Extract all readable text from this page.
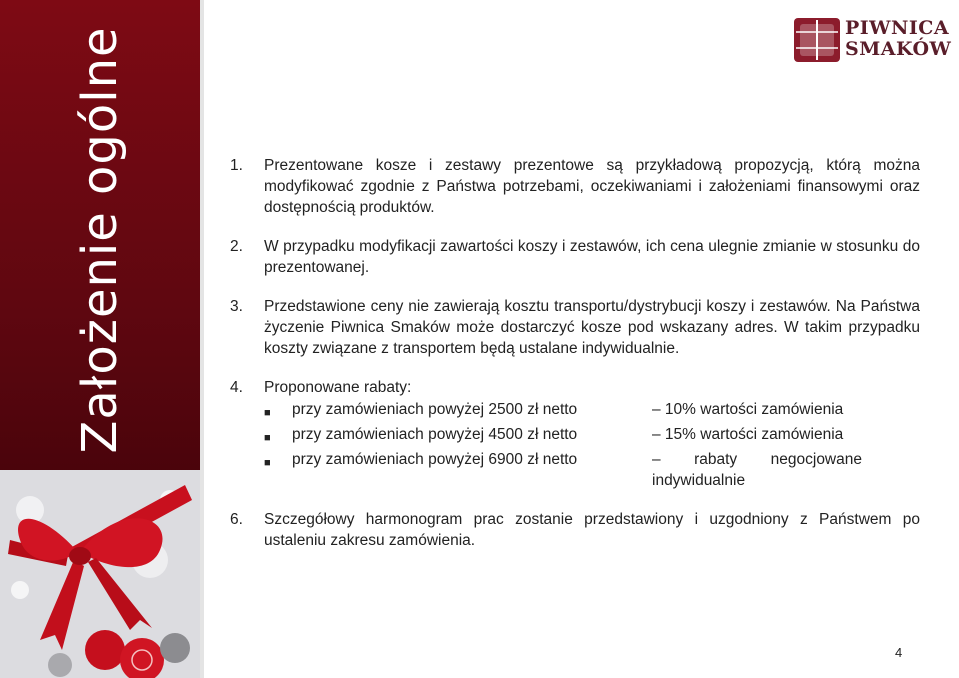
Założenie ogólne	PIWNICA
SMAKÓW
1.	Prezentowane kosze i zestawy prezentowe są przykładową propozycją, którą można modyfikować zgodnie z Państwa potrzebami, oczekiwaniami i założeniami finansowymi oraz dostępnością produktów.
2.	W przypadku modyfikacji zawartości koszy i zestawów, ich cena ulegnie zmianie w stosunku do prezentowanej.
3.	Przedstawione ceny nie zawierają kosztu transportu/dystrybucji koszy i zestawów. Na Państwa życzenie Piwnica Smaków może dostarczyć kosze pod wskazany adres. W takim przypadku koszty związane z transportem będą ustalane indywidualnie.
4.	Proponowane rabaty:
■	przy zamówieniach powyżej 2500 zł netto	– 10% wartości zamówienia
■	przy zamówieniach powyżej 4500 zł netto	– 15% wartości zamówienia
■	przy zamówieniach powyżej 6900 zł netto	– rabaty negocjowane indywidualnie
6.	Szczegółowy harmonogram prac zostanie przedstawiony i uzgodniony z Państwem po ustaleniu zakresu zamówienia.
4
